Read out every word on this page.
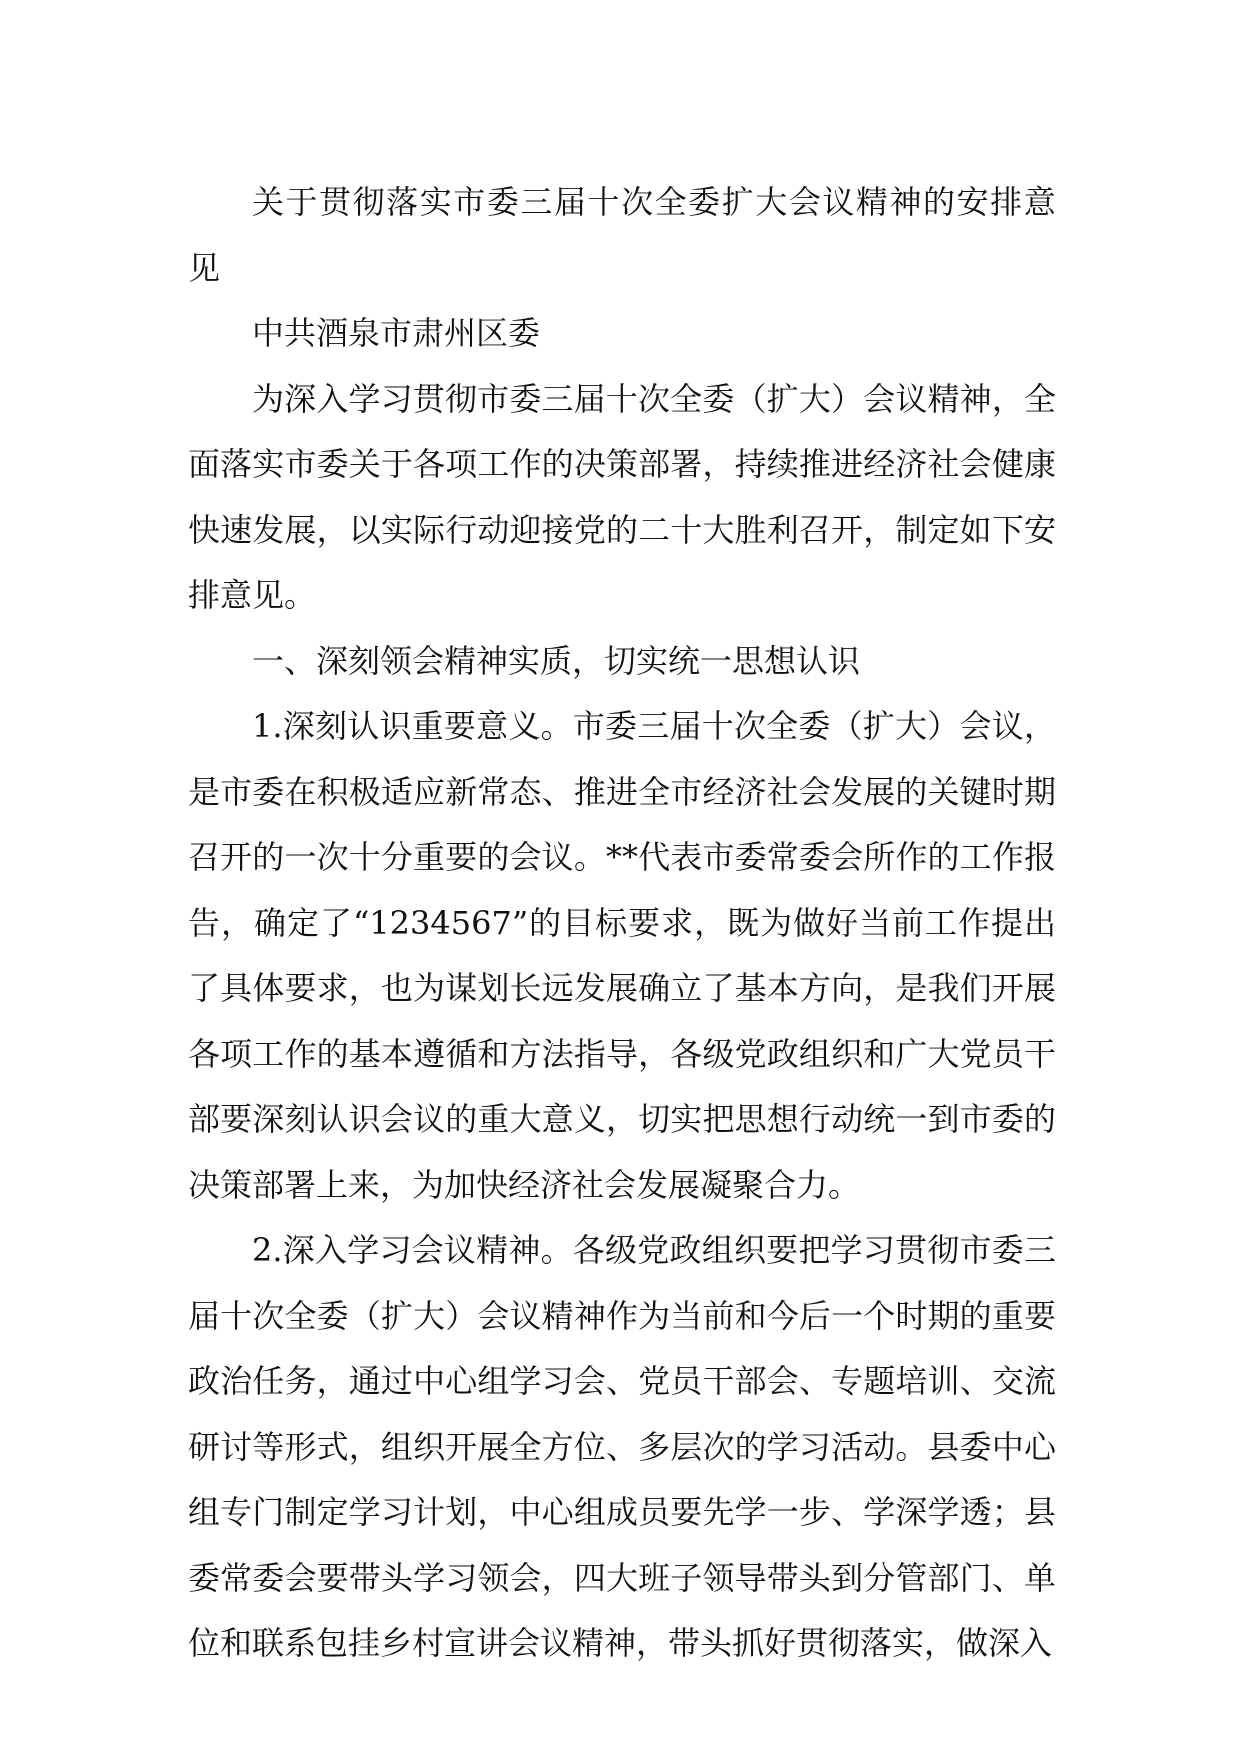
关于贯彻落实市委三届十次全委扩大会议精神的安排意见

中共酒泉市肃州区委

为深入学习贯彻市委三届十次全委（扩大）会议精神，全面落实市委关于各项工作的决策部署，持续推进经济社会健康快速发展，以实际行动迎接党的二十大胜利召开，制定如下安排意见。

一、深刻领会精神实质，切实统一思想认识

1.深刻认识重要意义。市委三届十次全委（扩大）会议，是市委在积极适应新常态、推进全市经济社会发展的关键时期召开的一次十分重要的会议。**代表市委常委会所作的工作报告，确定了“1234567”的目标要求，既为做好当前工作提出了具体要求，也为谋划长远发展确立了基本方向，是我们开展各项工作的基本遵循和方法指导，各级党政组织和广大党员干部要深刻认识会议的重大意义，切实把思想行动统一到市委的决策部署上来，为加快经济社会发展凝聚合力。

2.深入学习会议精神。各级党政组织要把学习贯彻市委三届十次全委（扩大）会议精神作为当前和今后一个时期的重要政治任务，通过中心组学习会、党员干部会、专题培训、交流研讨等形式，组织开展全方位、多层次的学习活动。县委中心组专门制定学习计划，中心组成员要先学一步、学深学透；县委常委会要带头学习领会，四大班子领导带头到分管部门、单位和联系包挂乡村宣讲会议精神，带头抓好贯彻落实，做深入
